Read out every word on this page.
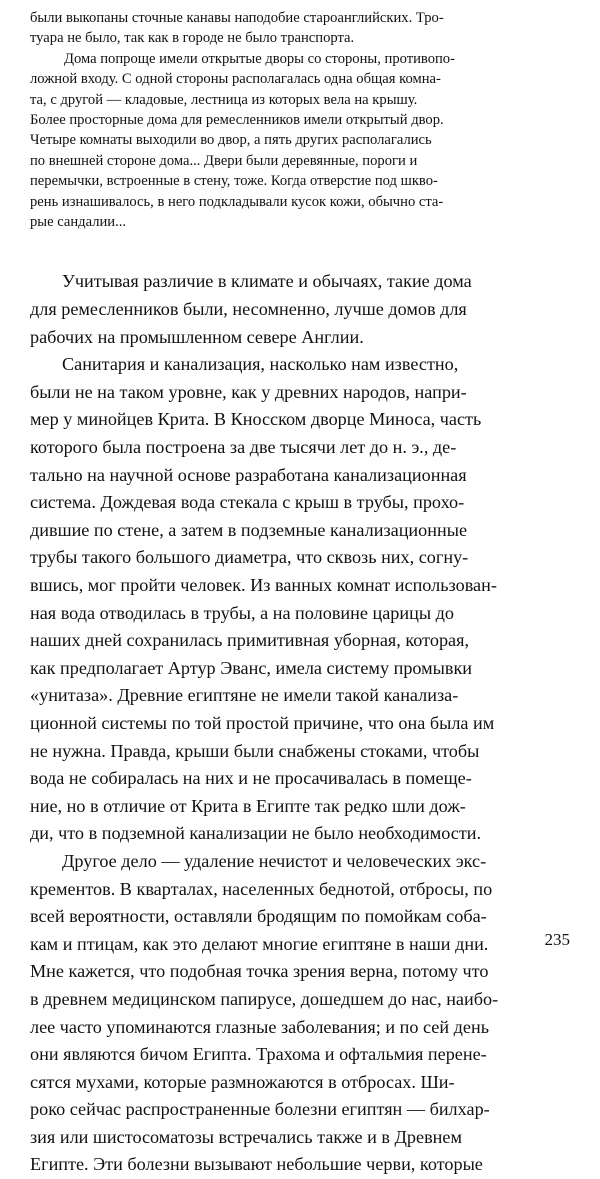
были выкопаны сточные канавы наподобие староанглийских. Тро-
туара не было, так как в городе не было транспорта.
Дома попроще имели открытые дворы со стороны, противопо-
ложной входу. С одной стороны располагалась одна общая комна-
та, с другой — кладовые, лестница из которых вела на крышу.
Более просторные дома для ремесленников имели открытый двор.
Четыре комнаты выходили во двор, а пять других располагались
по внешней стороне дома... Двери были деревянные, пороги и
перемычки, встроенные в стену, тоже. Когда отверстие под шкво-
рень изнашивалось, в него подкладывали кусок кожи, обычно ста-
рые сандалии...
Учитывая различие в климате и обычаях, такие дома
для ремесленников были, несомненно, лучше домов для
рабочих на промышленном севере Англии.
Санитария и канализация, насколько нам известно,
были не на таком уровне, как у древних народов, напри-
мер у минойцев Крита. В Кносском дворце Миноса, часть
которого была построена за две тысячи лет до н. э., де-
тально на научной основе разработана канализационная
система. Дождевая вода стекала с крыш в трубы, прохо-
дившие по стене, а затем в подземные канализационные
трубы такого большого диаметра, что сквозь них, согну-
вшись, мог пройти человек. Из ванных комнат использован-
ная вода отводилась в трубы, а на половине царицы до
наших дней сохранилась примитивная уборная, которая,
как предполагает Артур Эванс, имела систему промывки
«унитаза». Древние египтяне не имели такой канализа-
ционной системы по той простой причине, что она была им
не нужна. Правда, крыши были снабжены стоками, чтобы
вода не собиралась на них и не просачивалась в помеще-
ние, но в отличие от Крита в Египте так редко шли дож-
ди, что в подземной канализации не было необходимости.
Другое дело — удаление нечистот и человеческих экс-
крементов. В кварталах, населенных беднотой, отбросы, по
всей вероятности, оставляли бродящим по помойкам соба-
кам и птицам, как это делают многие египтяне в наши дни.
Мне кажется, что подобная точка зрения верна, потому что
в древнем медицинском папирусе, дошедшем до нас, наибо-
лее часто упоминаются глазные заболевания; и по сей день
они являются бичом Египта. Трахома и офтальмия перене-
сятся мухами, которые размножаются в отбросах. Ши-
роко сейчас распространенные болезни египтян — билхар-
зия или шистосоматозы встречались также и в Древнем
Египте. Эти болезни вызывают небольшие черви, которые
235
